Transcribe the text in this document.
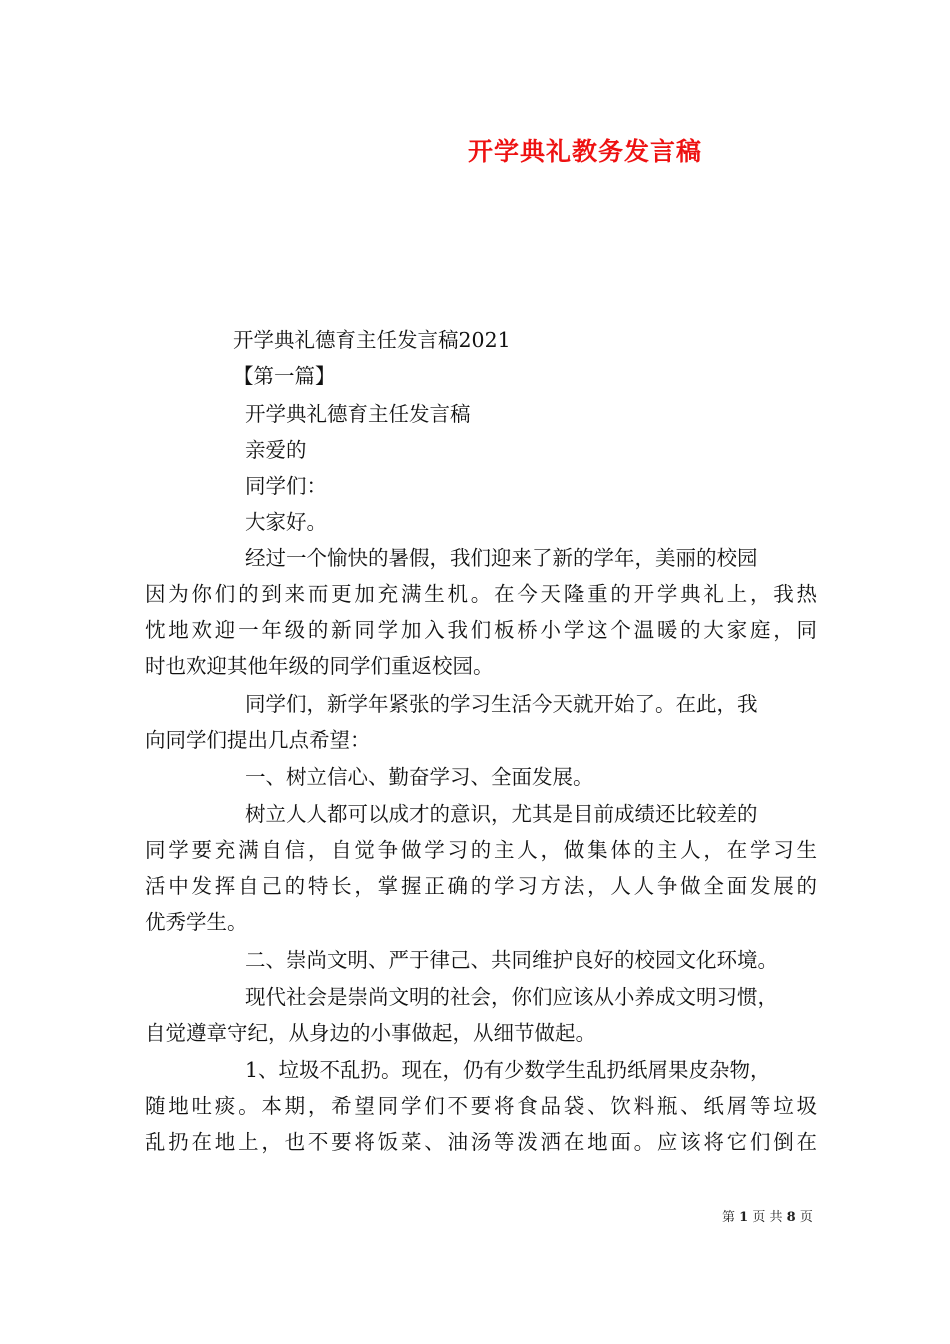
开学典礼教务发言稿
开学典礼德育主任发言稿2021
【第一篇】
开学典礼德育主任发言稿
亲爱的
同学们：
大家好。
经过一个愉快的暑假，我们迎来了新的学年，美丽的校园
因为你们的到来而更加充满生机。在今天隆重的开学典礼上，我热
忱地欢迎一年级的新同学加入我们板桥小学这个温暖的大家庭，同
时也欢迎其他年级的同学们重返校园。
同学们，新学年紧张的学习生活今天就开始了。在此，我
向同学们提出几点希望：
一、树立信心、勤奋学习、全面发展。
树立人人都可以成才的意识，尤其是目前成绩还比较差的
同学要充满自信，自觉争做学习的主人，做集体的主人，在学习生
活中发挥自己的特长，掌握正确的学习方法，人人争做全面发展的
优秀学生。
二、崇尚文明、严于律己、共同维护良好的校园文化环境。
现代社会是崇尚文明的社会，你们应该从小养成文明习惯，
自觉遵章守纪，从身边的小事做起，从细节做起。
1、垃圾不乱扔。现在，仍有少数学生乱扔纸屑果皮杂物，
随地吐痰。本期，希望同学们不要将食品袋、饮料瓶、纸屑等垃圾
乱扔在地上，也不要将饭菜、油汤等泼洒在地面。应该将它们倒在
第 1 页 共 8 页
